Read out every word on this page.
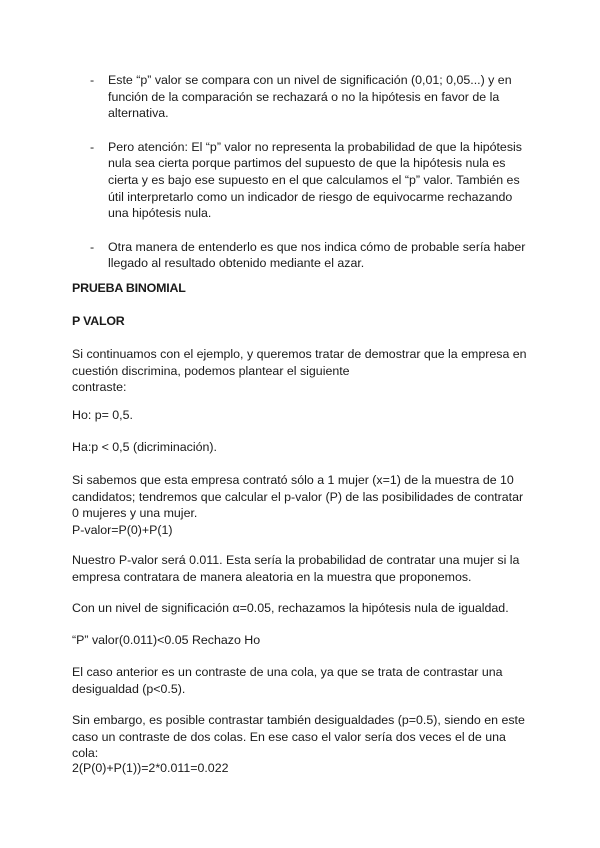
- Este “p” valor se compara con un nivel de significación (0,01; 0,05...) y en función de la comparación se rechazará o no la hipótesis en favor de la alternativa.
- Pero atención: El “p” valor no representa la probabilidad de que la hipótesis nula sea cierta porque partimos del supuesto de que la hipótesis nula es cierta y es bajo ese supuesto en el que calculamos el “p” valor. También es útil interpretarlo como un indicador de riesgo de equivocarme rechazando una hipótesis nula.
- Otra manera de entenderlo es que nos indica cómo de probable sería haber llegado al resultado obtenido mediante el azar.
PRUEBA BINOMIAL
P VALOR

Si continuamos con el ejemplo, y queremos tratar de demostrar que la empresa en cuestión discrimina, podemos plantear el siguiente

contraste:

Ho: p= 0,5.
Ha:p < 0,5 (dicriminación).

Si sabemos que esta empresa contrató sólo a 1 mujer (x=1) de la muestra de 10 candidatos; tendremos que calcular el p-valor (P) de las posibilidades de contratar 0 mujeres y una mujer.

P-valor=P(0)+P(1)

Nuestro P-valor será 0.011. Esta sería la probabilidad de contratar una mujer si la empresa contratara de manera aleatoria en la muestra que proponemos.
Con un nivel de significación α=0.05, rechazamos la hipótesis nula de igualdad.
“P” valor(0.011)<0.05 Rechazo Ho
El caso anterior es un contraste de una cola, ya que se trata de contrastar una desigualdad (p<0.5).
Sin embargo, es posible contrastar también desigualdades (p=0.5), siendo en este caso un contraste de dos colas. En ese caso el valor sería dos veces el de una cola:
2(P(0)+P(1))=2*0.011=0.022
